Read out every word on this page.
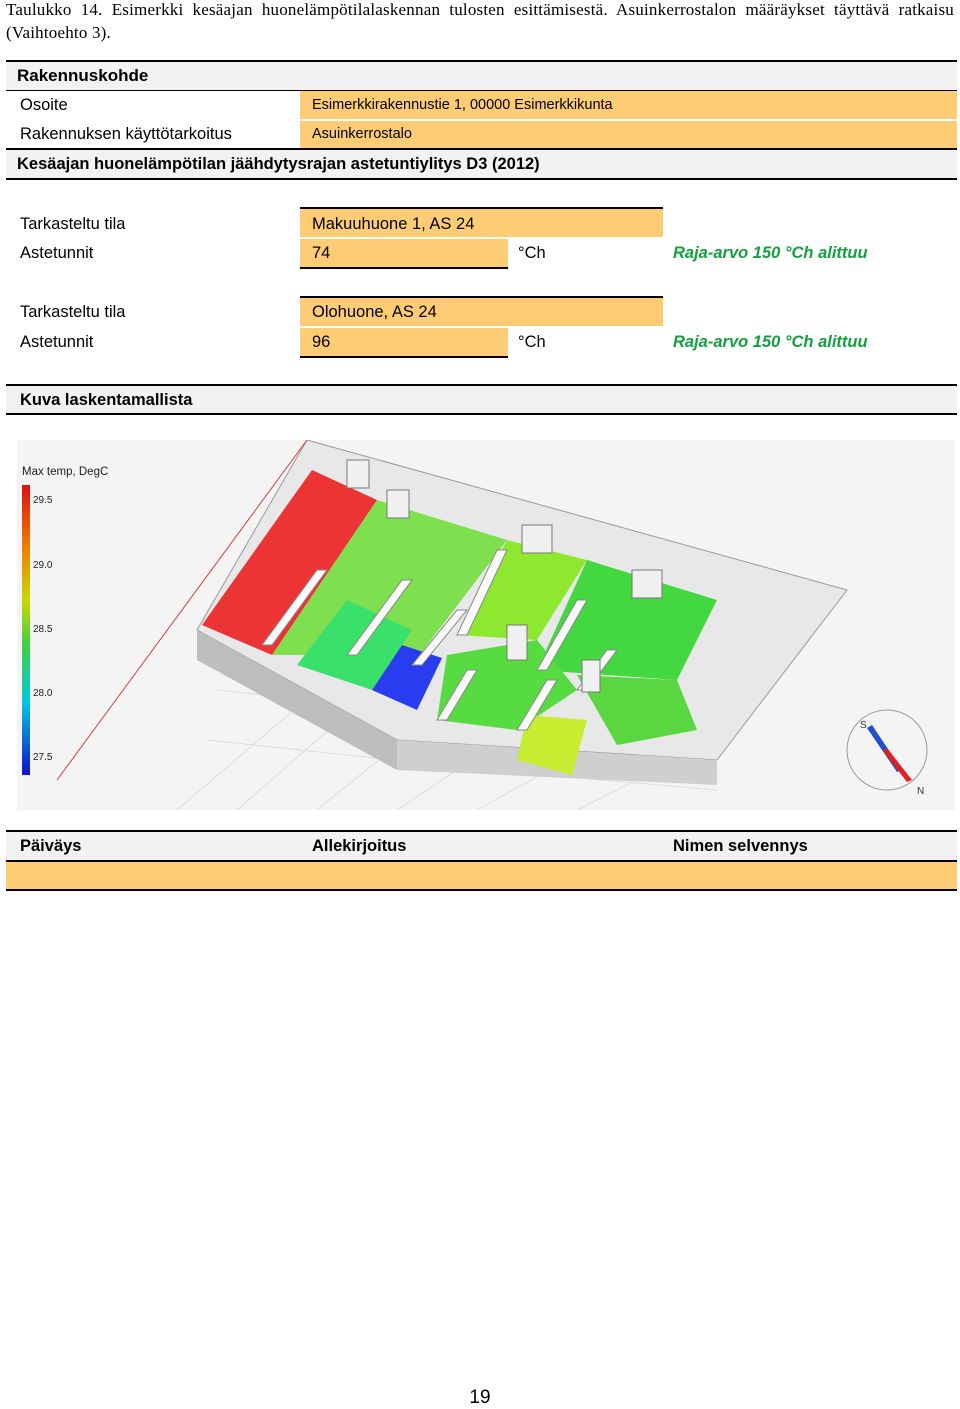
Taulukko 14. Esimerkki kesäajan huonelämpötilalaskennan tulosten esittämisestä. Asuinkerrostalon määräykset täyttävä ratkaisu (Vaihtoehto 3).
Rakennuskohde
Osoite	Esimerkkirakennustie 1, 00000 Esimerkkikunta
Rakennuksen käyttötarkoitus	Asuinkerrostalo
Kesäajan huonelämpötilan jäähdytysrajan astetuntiylitys D3 (2012)
Tarkasteltu tila	Makuuhuone 1, AS 24
Astetunnit	74	°Ch	Raja-arvo 150 °Ch alittuu
Tarkasteltu tila	Olohuone, AS 24
Astetunnit	96	°Ch	Raja-arvo 150 °Ch alittuu
Kuva laskentamallista
Max temp, DegC
29.5
29.0
28.5
28.0
27.5
S
N
Päiväys	Allekirjoitus	Nimen selvennys
19
